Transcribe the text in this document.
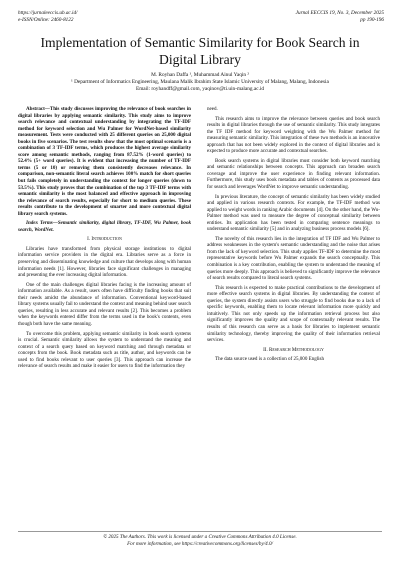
https://jurnaleeccis.ub.ac.id/
e-ISSN/Online: 2460-8122
Jurnal EECCIS 19, No. 3, December 2025
pp 190-196
Implementation of Semantic Similarity for Book Search in Digital Library
M. Royhan Daffa ¹, Muhammad Ainul Yaqin ²
¹ Department of Informatics Engineering, Maulana Malik Ibrahim State Islamic University of Malang, Malang, Indonesia
Email: royhandff@gmail.com, yaqinov@ti.uin-malang.ac.id

Abstract—This study discusses improving the relevance of book searches in digital libraries by applying semantic similarity. This study aims to improve search relevance and contextual understanding by integrating the TF-IDF method for keyword selection and Wu Palmer for WordNet-based similarity measurement. Tests were conducted with 25 different queries on 25,000 digital books in five scenarios. The test results show that the most optimal scenario is a combination of 3 TF-IDF terms, which produces the highest average similarity score among semantic methods, ranging from 87.52% (1-word queries) to 52.4% (5+ word queries). It is evident that increasing the number of TF-IDF terms (5 or 10) or removing them consistently decreases relevance. In comparison, non-semantic literal search achieves 100% match for short queries but fails completely in understanding the context for longer queries (down to 53.5%). This study proves that the combination of the top 3 TF-IDF terms with semantic similarity is the most balanced and effective approach in improving the relevance of search results, especially for short to medium queries. These results contribute to the development of smarter and more contextual digital library search systems.

Index Terms—Semantic similarity, digital library, TF-IDF, Wu Palmer, book search, WordNet.

I. Introduction

Libraries have transformed from physical storage institutions to digital information service providers in the digital era. Libraries serve as a force in preserving and disseminating knowledge and culture that develops along with human information needs [1]. However, libraries face significant challenges in managing and presenting the ever increasing digital information.

One of the main challenges digital libraries facing is the increasing amount of information available. As a result, users often have difficulty finding books that suit their needs amidst the abundance of information. Conventional keyword-based library systems usually fail to understand the context and meaning behind user search queries, resulting in less accurate and relevant results [2]. This becomes a problem when the keywords entered differ from the terms used in the book's contents, even though both have the same meaning.

To overcome this problem, applying semantic similarity in book search systems is crucial. Semantic similarity allows the system to understand the meaning and context of a search query based on keyword matching and through metadata or concepts from the book. Book metadata such as title, author, and keywords can be used to find books relevant to user queries [3]. This approach can increase the relevance of search results and make it easier for users to find the information they

need.

This research aims to improve the relevance between queries and book search results in digital libraries through the use of semantic similarity. This study integrates the TF IDF method for keyword weighting with the Wu Palmer method for measuring semantic similarity. This integration of these two methods is an innovative approach that has not been widely explored in the context of digital libraries and is expected to produce more accurate and contextual searches.

Book search systems in digital libraries must consider both keyword matching and semantic relationships between concepts. This approach can broaden search coverage and improve the user experience in finding relevant information. Furthermore, this study uses book metadata and tables of contents as processed data for search and leverages WordNet to improve semantic understanding.

In previous literature, the concept of semantic similarity has been widely studied and applied in various research contexts. For example, the TF-IDF method was applied to weight words in ranking Arabic documents [4]. On the other hand, the Wu-Palmer method was used to measure the degree of conceptual similarity between entities. Its application has been tested in comparing sentence meanings to understand semantic similarity [5] and in analyzing business process models [6].

The novelty of this research lies in the integration of TF IDF and Wu Palmer to address weaknesses in the system's semantic understanding and the noise that arises from the lack of keyword selection. This study applies TF-IDF to determine the most representative keywords before Wu Palmer expands the search conceptually. This combination is a key contribution, enabling the system to understand the meaning of queries more deeply. This approach is believed to significantly improve the relevance of search results compared to literal search systems.

This research is expected to make practical contributions to the development of more effective search systems in digital libraries. By understanding the context of queries, the system directly assists users who struggle to find books due to a lack of specific keywords, enabling them to locate relevant information more quickly and intuitively. This not only speeds up the information retrieval process but also significantly improves the quality and scope of contextually relevant results. The results of this research can serve as a basis for libraries to implement semantic similarity technology, thereby improving the quality of their information retrieval services.

II. Research Methodology

The data source used is a collection of 25,000 English

© 2025 The Authors. This work is licensed under a Creative Commons Attribution 4.0 License.
For more information, see https://creativecommons.org/licenses/by/4.0/
